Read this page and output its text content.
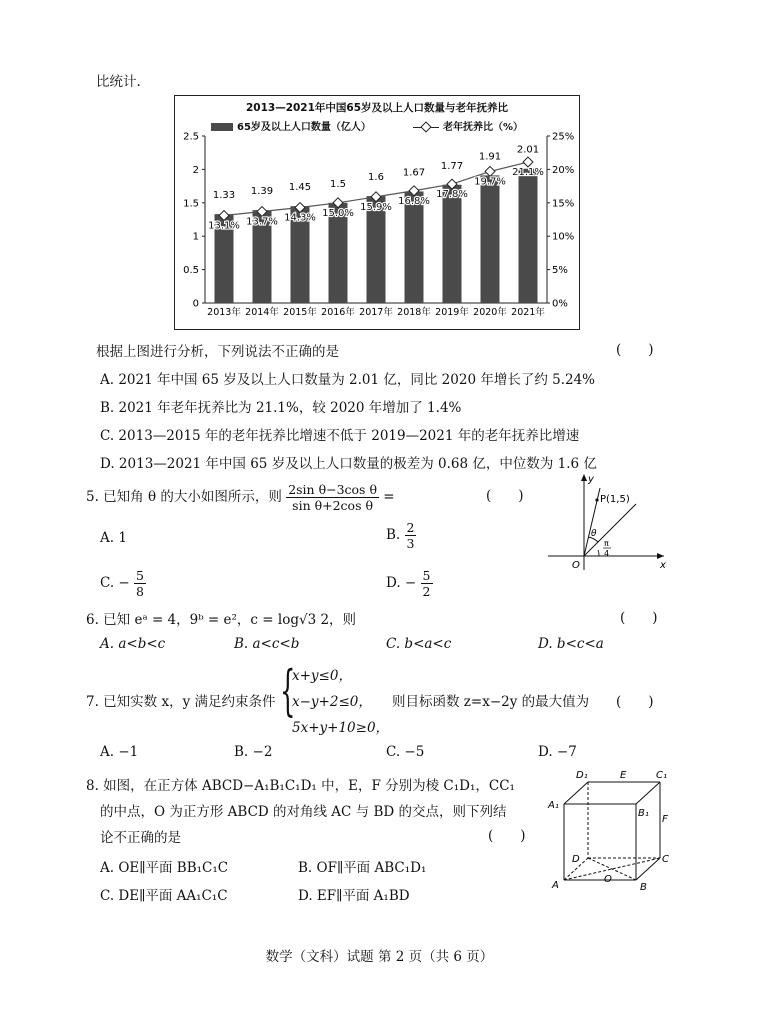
比统计.
2013—2021年中国65岁及以上人口数量与老年抚养比
65岁及以上人口数量（亿人）	老年抚养比（%）
0
0.5
1
1.5
2
2.5
0%
5%
10%
15%
20%
25%
1.33
2013年
1.39
2014年
1.45
2015年
1.5
2016年
1.6
2017年
1.67
2018年
1.77
2019年
1.91
2020年
2.01
2021年
13.1% 13.7% 14.3% 15.0%
15.9%
16.8%
17.8%
19.7%
21.1%
根据上图进行分析，下列说法不正确的是	(　　)
A. 2021 年中国 65 岁及以上人口数量为 2.01 亿，同比 2020 年增长了约 5.24%
B. 2021 年老年抚养比为 21.1%，较 2020 年增加了 1.4%
C. 2013—2015 年的老年抚养比增速不低于 2019—2021 年的老年抚养比增速
D. 2013—2021 年中国 65 岁及以上人口数量的极差为 0.68 亿，中位数为 1.6 亿
5. 已知角 θ 的大小如图所示，则 $\frac{\text{2sin θ−3cos θ}}{\text{sin θ+2cos θ}}$ =	(　　)
A. 1	B. $\frac{2}{3}$
C. − $\frac{5}{8}$	D. − $\frac{5}{2}$
x
y
O
P(1,5)
θ
π
4
6. 已知 eᵃ = 4，9ᵇ = e²，c = log√3 2，则	(　　)
A. a<b<c	B. a<c<b	C. b<a<c	D. b<c<a
7. 已知实数 x，y 满足约束条件 {
x+y≤0，
x−y+2≤0，
5x+y+10≥0，
则目标函数 z=x−2y 的最大值为 (　　)
A. −1	B. −2	C. −5	D. −7
8. 如图，在正方体 ABCD−A₁B₁C₁D₁ 中，E，F 分别为棱 C₁D₁，CC₁
的中点，O 为正方形 ABCD 的对角线 AC 与 BD 的交点，则下列结
论不正确的是	(　　)
A. OE∥平面 BB₁C₁C	B. OF∥平面 ABC₁D₁
C. DE∥平面 AA₁C₁C	D. EF∥平面 A₁BD
D₁	E	C₁
A₁
B₁
F
D	C
A	B
O
数学（文科）试题 第 2 页（共 6 页）
